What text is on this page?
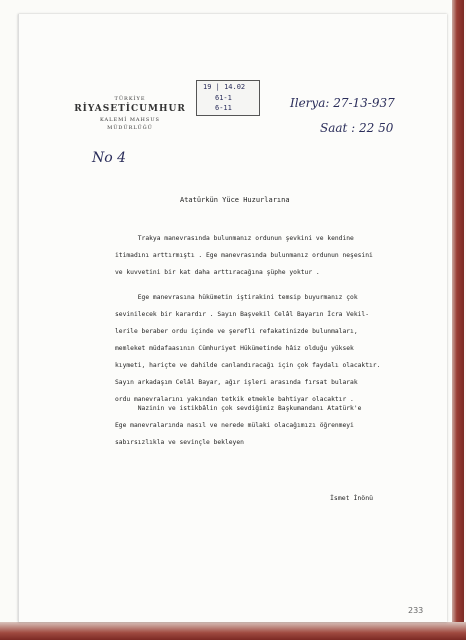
TÜRKİYE
RİYASETİCUMHUR
KALEMİ MAHSUS
MÜDÜRLÜĞÜ
No 4
19 | 14.02
61-1
6-11	Ilerya: 27-13-937
Saat : 22 50
Atatürkün Yüce Huzurlarına
Trakya manevrasında bulunmanız ordunun şevkini ve kendine
itimadını arttırmıştı . Ege manevrasında bulunmanız ordunun neşesini
ve kuvvetini bir kat daha arttıracağına şüphe yoktur .
Ege manevrasına hükümetin iştirakini temsip buyurmanız çok
sevinilecek bir karardır . Sayın Başvekil Celâl Bayarın İcra Vekil-
lerile beraber ordu içinde ve şerefli refakatinizde bulunmaları,
memleket müdafaasının Cümhuriyet Hükümetinde hâiz olduğu yüksek
kıymeti, hariçte ve dahilde canlandıracağı için çok faydalı olacaktır.
Sayın arkadaşım Celâl Bayar, ağır işleri arasında fırsat bularak
ordu manevralarını yakından tetkik etmekle bahtiyar olacaktır .
Nazinin ve istikbâlin çok sevdiğimiz Başkumandanı Atatürk'e
Ege manevralarında nasıl ve nerede mülaki olacağımızı öğrenmeyi
sabırsızlıkla ve sevinçle bekleyen
İsmet İnönü
233
